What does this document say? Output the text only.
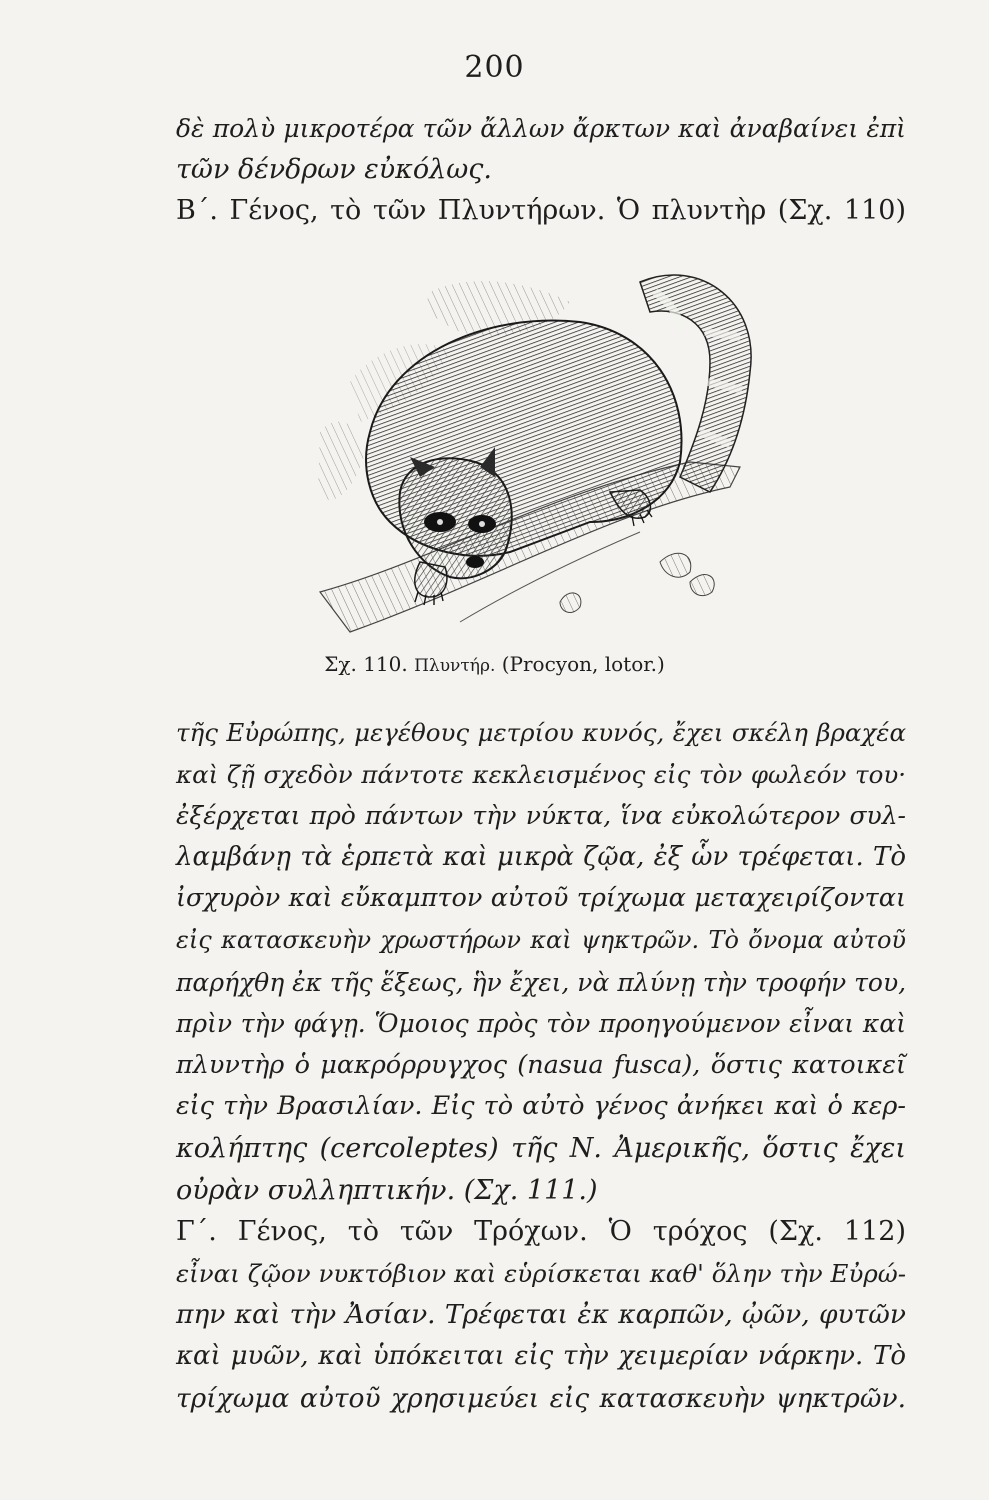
200
δὲ πολὺ μικροτέρα τῶν ἄλλων ἄρκτων καὶ ἀναβαίνει ἐπὶ
τῶν δένδρων εὐκόλως.
Β΄. Γένος, τὸ τῶν Πλυντήρων. Ὁ πλυντὴρ (Σχ. 110)
Σχ. 110. Πλυντήρ. (Procyon, lotor.)
τῆς Εὐρώπης, μεγέθους μετρίου κυνός, ἔχει σκέλη βραχέα
καὶ ζῇ σχεδὸν πάντοτε κεκλεισμένος εἰς τὸν φωλεόν του·
ἐξέρχεται πρὸ πάντων τὴν νύκτα, ἵνα εὐκολώτερον συλ-
λαμβάνῃ τὰ ἑρπετὰ καὶ μικρὰ ζῷα, ἐξ ὧν τρέφεται. Τὸ
ἰσχυρὸν καὶ εὔκαμπτον αὐτοῦ τρίχωμα μεταχειρίζονται
εἰς κατασκευὴν χρωστήρων καὶ ψηκτρῶν. Τὸ ὄνομα αὐτοῦ
παρήχθη ἐκ τῆς ἕξεως, ἣν ἔχει, νὰ πλύνῃ τὴν τροφήν του,
πρὶν τὴν φάγῃ. Ὅμοιος πρὸς τὸν προηγούμενον εἶναι καὶ
πλυντὴρ ὁ μακρόρρυγχος (nasua fusca), ὅστις κατοικεῖ
εἰς τὴν Βρασιλίαν. Εἰς τὸ αὐτὸ γένος ἀνήκει καὶ ὁ κερ-
κολήπτης (cercoleptes) τῆς Ν. Ἀμερικῆς, ὅστις ἔχει
οὐρὰν συλληπτικήν. (Σχ. 111.)
Γ΄. Γένος, τὸ τῶν Τρόχων. Ὁ τρόχος (Σχ. 112)
εἶναι ζῷον νυκτόβιον καὶ εὑρίσκεται καθ' ὅλην τὴν Εὐρώ-
πην καὶ τὴν Ἀσίαν. Τρέφεται ἐκ καρπῶν, ᾠῶν, φυτῶν
καὶ μυῶν, καὶ ὑπόκειται εἰς τὴν χειμερίαν νάρκην. Τὸ
τρίχωμα αὐτοῦ χρησιμεύει εἰς κατασκευὴν ψηκτρῶν.
